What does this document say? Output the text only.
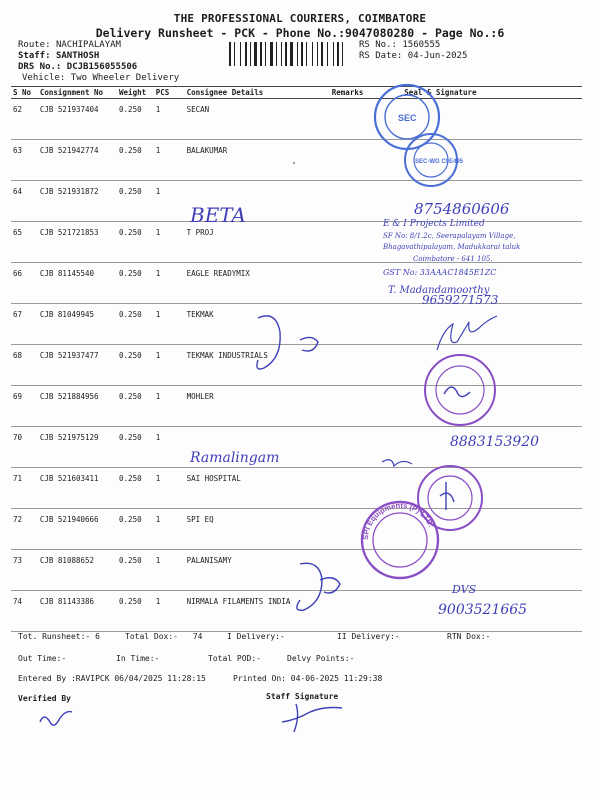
THE PROFESSIONAL COURIERS, COIMBATORE
Delivery Runsheet - PCK - Phone No.:9047080280 - Page No.:6
Route: NACHIPALAYAM
Staff: SANTHOSH
DRS No.: DCJB156055506
Vehicle: Two Wheeler Delivery
RS No.: 1560555
RS Date: 04-Jun-2025
S No	Consignment No	Weight	PCS	Consignee Details	Remarks	Seal & Signature
62	CJB 521937404	0.250	1	SECAN		
63	CJB 521942774	0.250	1	BALAKUMAR		
64	CJB 521931872	0.250	1			
65	CJB 521721853	0.250	1	T PROJ		
66	CJB 81145540	0.250	1	EAGLE READYMIX		
67	CJB 81049945	0.250	1	TEKMAK		
68	CJB 521937477	0.250	1	TEKMAK INDUSTRIALS		
69	CJB 521884956	0.250	1	MOHLER		
70	CJB 521975129	0.250	1			
71	CJB 521603411	0.250	1	SAI HOSPITAL		
72	CJB 521940666	0.250	1	SPI EQ		
73	CJB 81088652	0.250	1	PALANISAMY		
74	CJB 81143386	0.250	1	NIRMALA FILAMENTS INDIA		
Tot. Runsheet:- 6	Total Dox:- 74	I Delivery:-	II Delivery:-	RTN Dox:-
Out Time:-	In Time:-	Total POD:-	Delvy Points:-
Entered By :RAVIPCK 06/04/2025 11:28:15	Printed On: 04-06-2025 11:29:38
Verified By	Staff Signature
SEC
SEC-WG C9E495
SPI Equipments (P) LTD.
BETA	8754860606
E & I Projects Limited
SF No: 8/1.2c, Seerapalayam Village,
Bhagavathipalayam, Madukkarai taluk
Coimbatore - 641 105.
GST No: 33AAAC1845E1ZC
T. Madandamoorthy
9659271573
8883153920
Ramalingam
DVS
9003521665
